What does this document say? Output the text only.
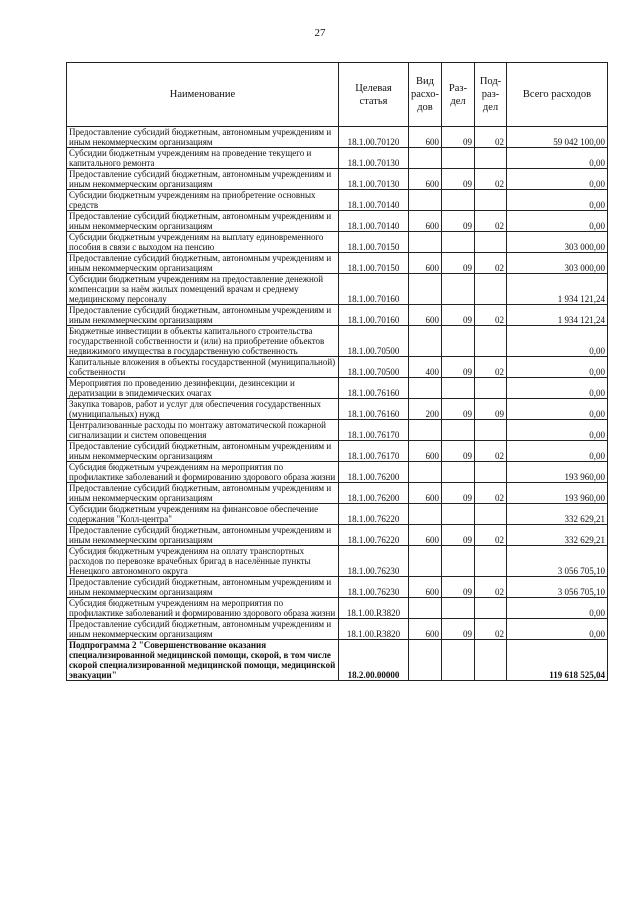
27
Наименование	Целевая статья	Вид расхо-дов	Раз-дел	Под-раз-дел	Всего расходов
Предоставление субсидий бюджетным, автономным учреждениям и иным некоммерческим организациям	18.1.00.70120	600	09	02	59 042 100,00
Субсидии бюджетным учреждениям на проведение текущего и капитального ремонта	18.1.00.70130				0,00
Предоставление субсидий бюджетным, автономным учреждениям и иным некоммерческим организациям	18.1.00.70130	600	09	02	0,00
Субсидии бюджетным учреждениям на приобретение основных средств	18.1.00.70140				0,00
Предоставление субсидий бюджетным, автономным учреждениям и иным некоммерческим организациям	18.1.00.70140	600	09	02	0,00
Субсидии бюджетным учреждениям на выплату единовременного пособия в связи с выходом на пенсию	18.1.00.70150				303 000,00
Предоставление субсидий бюджетным, автономным учреждениям и иным некоммерческим организациям	18.1.00.70150	600	09	02	303 000,00
Субсидии бюджетным учреждениям на предоставление денежной компенсации за наём жилых помещений врачам и среднему медицинскому персоналу	18.1.00.70160				1 934 121,24
Предоставление субсидий бюджетным, автономным учреждениям и иным некоммерческим организациям	18.1.00.70160	600	09	02	1 934 121,24
Бюджетные инвестиции в объекты капитального строительства государственной собственности и (или) на приобретение объектов недвижимого имущества в государственную собственность	18.1.00.70500				0,00
Капитальные вложения в объекты государственной (муниципальной) собственности	18.1.00.70500	400	09	02	0,00
Мероприятия по проведению дезинфекции, дезинсекции и дератизации в эпидемических очагах	18.1.00.76160				0,00
Закупка товаров, работ и услуг для обеспечения государственных (муниципальных) нужд	18.1.00.76160	200	09	09	0,00
Централизованные расходы по монтажу автоматической пожарной сигнализации и систем оповещения	18.1.00.76170				0,00
Предоставление субсидий бюджетным, автономным учреждениям и иным некоммерческим организациям	18.1.00.76170	600	09	02	0,00
Субсидия бюджетным учреждениям на мероприятия по профилактике заболеваний и формированию здорового образа жизни	18.1.00.76200				193 960,00
Предоставление субсидий бюджетным, автономным учреждениям и иным некоммерческим организациям	18.1.00.76200	600	09	02	193 960,00
Субсидии бюджетным учреждениям на финансовое обеспечение содержания "Колл-центра"	18.1.00.76220				332 629,21
Предоставление субсидий бюджетным, автономным учреждениям и иным некоммерческим организациям	18.1.00.76220	600	09	02	332 629,21
Субсидия бюджетным учреждениям на оплату транспортных расходов по перевозке врачебных бригад в населённые пункты Ненецкого автономного округа	18.1.00.76230				3 056 705,10
Предоставление субсидий бюджетным, автономным учреждениям и иным некоммерческим организациям	18.1.00.76230	600	09	02	3 056 705,10
Субсидия бюджетным учреждениям на мероприятия по профилактике заболеваний и формированию здорового образа жизни	18.1.00.R3820				0,00
Предоставление субсидий бюджетным, автономным учреждениям и иным некоммерческим организациям	18.1.00.R3820	600	09	02	0,00
Подпрограмма 2 "Совершенствование оказания специализированной медицинской помощи, скорой, в том числе скорой специализированной медицинской помощи, медицинской эвакуации"	18.2.00.00000				119 618 525,04
